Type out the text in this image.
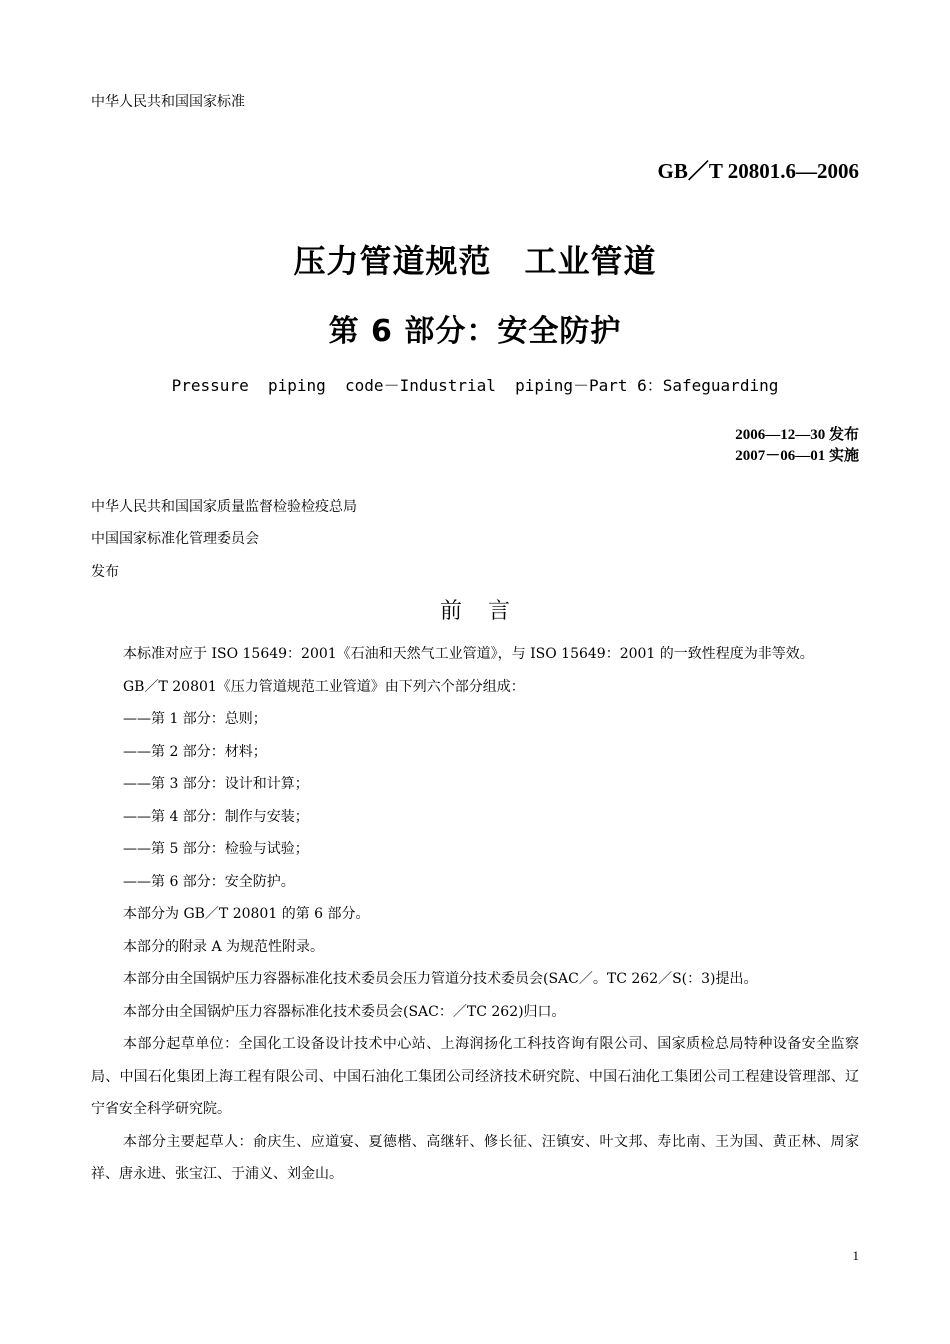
中华人民共和国国家标准
GB／T 20801.6—2006
压力管道规范　工业管道
第 6 部分：安全防护
Pressure  piping  code－Industrial  piping－Part 6：Safeguarding
2006—12—30 发布
2007－06—01 实施
中华人民共和国国家质量监督检验检疫总局
中国国家标准化管理委员会
发布
前言

本标准对应于 ISO 15649：2001《石油和天然气工业管道》，与 ISO 15649：2001 的一致性程度为非等效。

GB／T 20801《压力管道规范工业管道》由下列六个部分组成：

——第 1 部分：总则；

——第 2 部分：材料；

——第 3 部分：设计和计算；

——第 4 部分：制作与安装；

——第 5 部分：检验与试验；

——第 6 部分：安全防护。

本部分为 GB／T 20801 的第 6 部分。

本部分的附录 A 为规范性附录。

本部分由全国锅炉压力容器标准化技术委员会压力管道分技术委员会(SAC／。TC 262／S(：3)提出。

本部分由全国锅炉压力容器标准化技术委员会(SAC：／TC 262)归口。

本部分起草单位：全国化工设备设计技术中心站、上海润扬化工科技咨询有限公司、国家质检总局特种设备安全监察局、中国石化集团上海工程有限公司、中国石油化工集团公司经济技术研究院、中国石油化工集团公司工程建设管理部、辽宁省安全科学研究院。

本部分主要起草人：俞庆生、应道宴、夏德楷、高继轩、修长征、汪镇安、叶文邦、寿比南、王为国、黄正林、周家祥、唐永进、张宝江、于浦义、刘金山。

1
